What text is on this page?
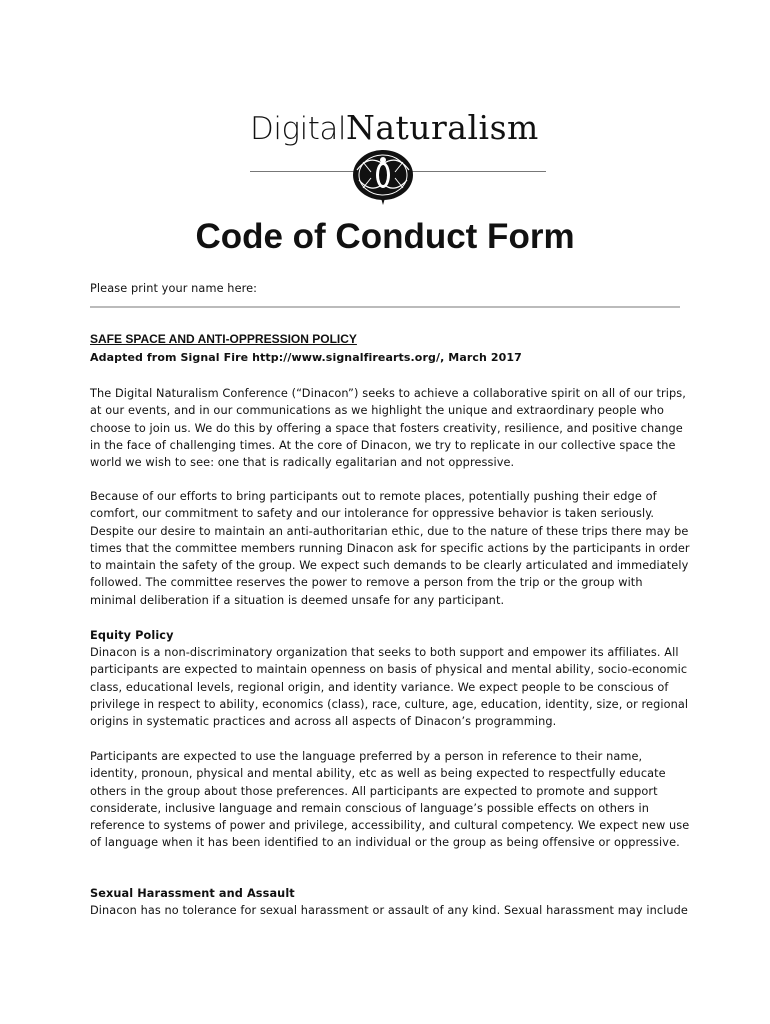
DigitalNaturalism
Code of Conduct Form
Please print your name here:
SAFE SPACE AND ANTI-OPPRESSION POLICY
Adapted from Signal Fire http://www.signalfirearts.org/, March 2017
The Digital Naturalism Conference (“Dinacon”) seeks to achieve a collaborative spirit on all of our trips, at our events, and in our communications as we highlight the unique and extraordinary people who choose to join us. We do this by offering a space that fosters creativity, resilience, and positive change in the face of challenging times. At the core of Dinacon, we try to replicate in our collective space the world we wish to see: one that is radically egalitarian and not oppressive.
Because of our efforts to bring participants out to remote places, potentially pushing their edge of comfort, our commitment to safety and our intolerance for oppressive behavior is taken seriously. Despite our desire to maintain an anti-authoritarian ethic, due to the nature of these trips there may be times that the committee members running Dinacon ask for specific actions by the participants in order to maintain the safety of the group. We expect such demands to be clearly articulated and immediately followed. The committee reserves the power to remove a person from the trip or the group with minimal deliberation if a situation is deemed unsafe for any participant.
Equity Policy
Dinacon is a non-discriminatory organization that seeks to both support and empower its affiliates. All participants are expected to maintain openness on basis of physical and mental ability, socio-economic class, educational levels, regional origin, and identity variance. We expect people to be conscious of privilege in respect to ability, economics (class), race, culture, age, education, identity, size, or regional origins in systematic practices and across all aspects of Dinacon’s programming.
Participants are expected to use the language preferred by a person in reference to their name, identity, pronoun, physical and mental ability, etc as well as being expected to respectfully educate others in the group about those preferences. All participants are expected to promote and support considerate, inclusive language and remain conscious of language’s possible effects on others in reference to systems of power and privilege, accessibility, and cultural competency. We expect new use of language when it has been identified to an individual or the group as being offensive or oppressive.
Sexual Harassment and Assault
Dinacon has no tolerance for sexual harassment or assault of any kind. Sexual harassment may include
